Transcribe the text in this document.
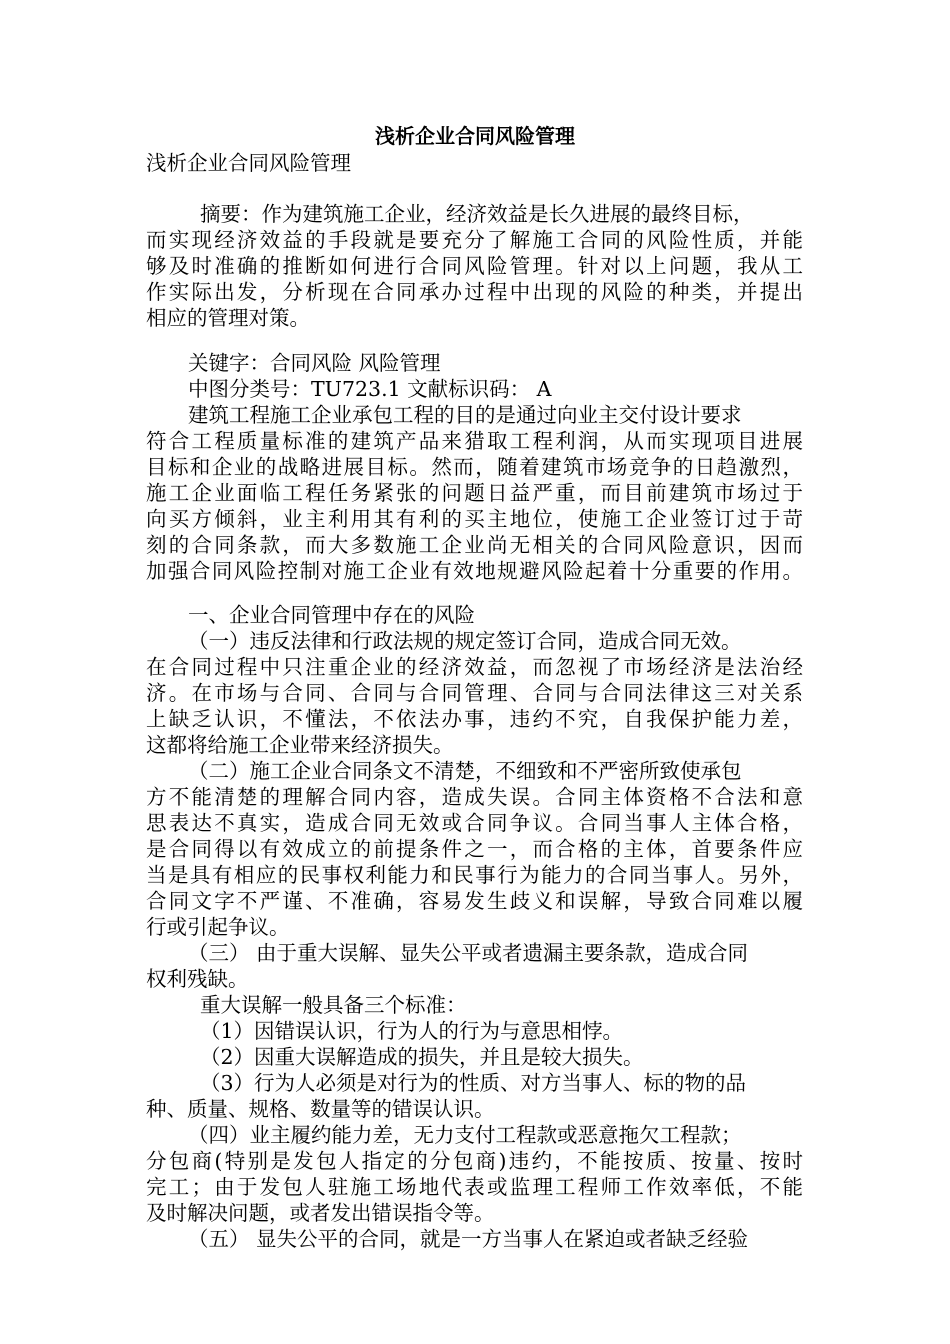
浅析企业合同风险管理
浅析企业合同风险管理
摘要：作为建筑施工企业，经济效益是长久进展的最终目标，
而实现经济效益的手段就是要充分了解施工合同的风险性质，并能
够及时准确的推断如何进行合同风险管理。针对以上问题，我从工
作实际出发，分析现在合同承办过程中出现的风险的种类，并提出
相应的管理对策。
关键字：合同风险 风险管理
中图分类号：TU723.1 文献标识码： A
建筑工程施工企业承包工程的目的是通过向业主交付设计要求
符合工程质量标准的建筑产品来猎取工程利润，从而实现项目进展
目标和企业的战略进展目标。然而，随着建筑市场竞争的日趋激烈，
施工企业面临工程任务紧张的问题日益严重，而目前建筑市场过于
向买方倾斜，业主利用其有利的买主地位，使施工企业签订过于苛
刻的合同条款，而大多数施工企业尚无相关的合同风险意识，因而
加强合同风险控制对施工企业有效地规避风险起着十分重要的作用。
一、企业合同管理中存在的风险
（一）违反法律和行政法规的规定签订合同，造成合同无效。
在合同过程中只注重企业的经济效益，而忽视了市场经济是法治经
济。在市场与合同、合同与合同管理、合同与合同法律这三对关系
上缺乏认识，不懂法，不依法办事，违约不究，自我保护能力差，
这都将给施工企业带来经济损失。
（二）施工企业合同条文不清楚，不细致和不严密所致使承包
方不能清楚的理解合同内容，造成失误。合同主体资格不合法和意
思表达不真实，造成合同无效或合同争议。合同当事人主体合格，
是合同得以有效成立的前提条件之一，而合格的主体，首要条件应
当是具有相应的民事权利能力和民事行为能力的合同当事人。另外，
合同文字不严谨、不准确，容易发生歧义和误解，导致合同难以履
行或引起争议。
（三） 由于重大误解、显失公平或者遗漏主要条款，造成合同
权利残缺。
重大误解一般具备三个标准：
（1）因错误认识，行为人的行为与意思相悖。
（2）因重大误解造成的损失，并且是较大损失。
（3）行为人必须是对行为的性质、对方当事人、标的物的品
种、质量、规格、数量等的错误认识。
（四）业主履约能力差，无力支付工程款或恶意拖欠工程款；
分包商(特别是发包人指定的分包商)违约，不能按质、按量、按时
完工；由于发包人驻施工场地代表或监理工程师工作效率低，不能
及时解决问题，或者发出错误指令等。
（五） 显失公平的合同，就是一方当事人在紧迫或者缺乏经验
